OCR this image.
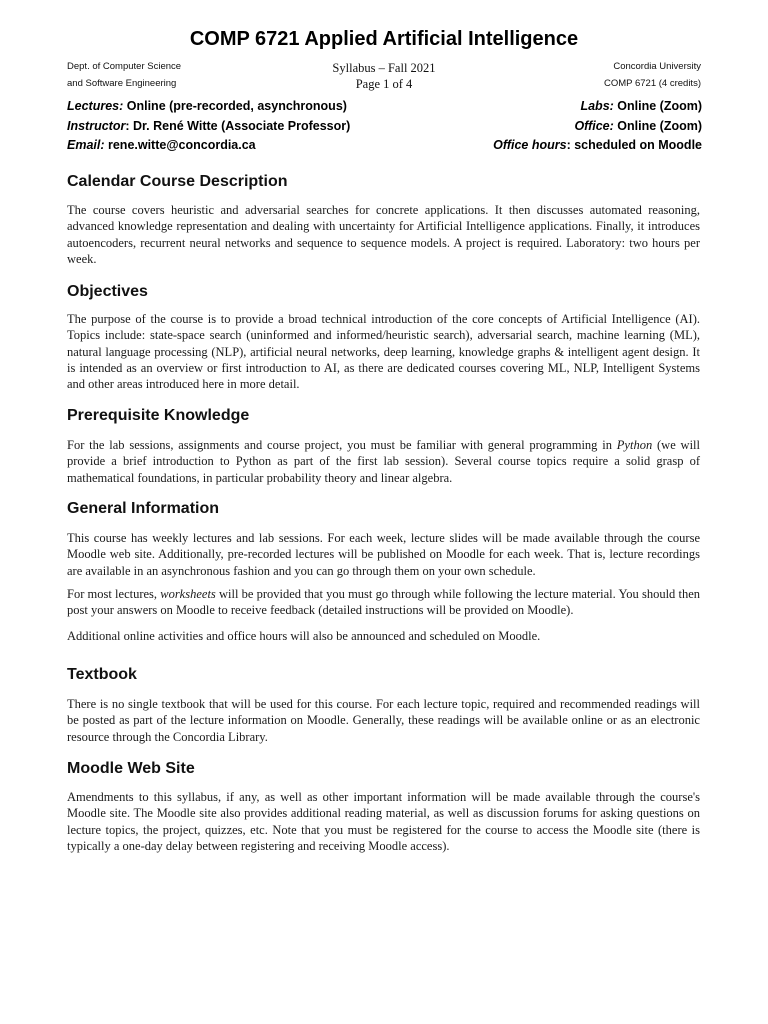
COMP 6721 Applied Artificial Intelligence
Dept. of Computer Science
and Software Engineering
Syllabus – Fall 2021
Page 1 of 4
Concordia University
COMP 6721 (4 credits)
Lectures: Online (pre-recorded, asynchronous)	Labs: Online (Zoom)
Instructor: Dr. René Witte (Associate Professor)	Office: Online (Zoom)
Email: rene.witte@concordia.ca	Office hours: scheduled on Moodle
Calendar Course Description

The course covers heuristic and adversarial searches for concrete applications. It then discusses automated reasoning, advanced knowledge representation and dealing with uncertainty for Artificial Intelligence applications. Finally, it introduces autoencoders, recurrent neural networks and sequence to sequence models. A project is required. Laboratory: two hours per week.

Objectives

The purpose of the course is to provide a broad technical introduction of the core concepts of Artificial Intelligence (AI). Topics include: state-space search (uninformed and informed/heuristic search), adversarial search, machine learning (ML), natural language processing (NLP), artificial neural networks, deep learning, knowledge graphs & intelligent agent design. It is intended as an overview or first introduction to AI, as there are dedicated courses covering ML, NLP, Intelligent Systems and other areas introduced here in more detail.

Prerequisite Knowledge

For the lab sessions, assignments and course project, you must be familiar with general programming in Python (we will provide a brief introduction to Python as part of the first lab session). Several course topics require a solid grasp of mathematical foundations, in particular probability theory and linear algebra.

General Information

This course has weekly lectures and lab sessions. For each week, lecture slides will be made available through the course Moodle web site. Additionally, pre-recorded lectures will be published on Moodle for each week. That is, lecture recordings are available in an asynchronous fashion and you can go through them on your own schedule.

For most lectures, worksheets will be provided that you must go through while following the lecture material. You should then post your answers on Moodle to receive feedback (detailed instructions will be provided on Moodle).

Additional online activities and office hours will also be announced and scheduled on Moodle.

Textbook

There is no single textbook that will be used for this course. For each lecture topic, required and recommended readings will be posted as part of the lecture information on Moodle. Generally, these readings will be available online or as an electronic resource through the Concordia Library.

Moodle Web Site

Amendments to this syllabus, if any, as well as other important information will be made available through the course's Moodle site. The Moodle site also provides additional reading material, as well as discussion forums for asking questions on lecture topics, the project, quizzes, etc. Note that you must be registered for the course to access the Moodle site (there is typically a one-day delay between registering and receiving Moodle access).
